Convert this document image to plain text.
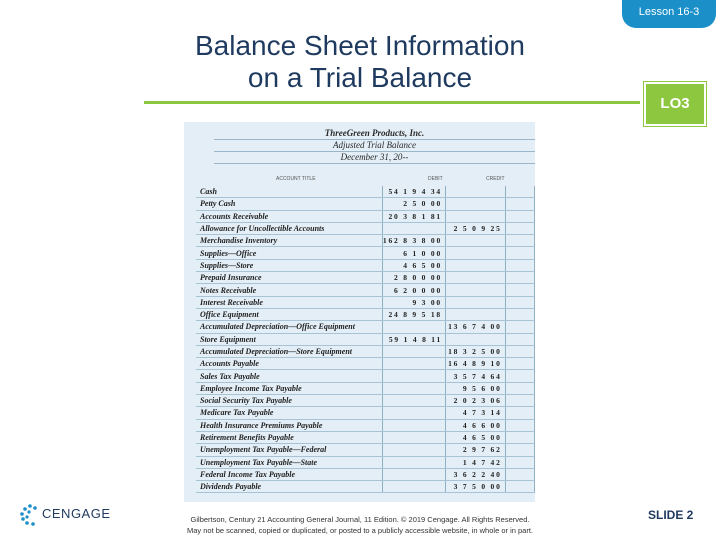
Lesson 16-3
Balance Sheet Information
on a Trial Balance
LO3
ThreeGreen Products, Inc.
Adjusted Trial Balance
December 31, 20--
ACCOUNT TITLE	DEBIT	CREDIT
Cash	54 1 9 4 34		
Petty Cash	2 5 0 00		
Accounts Receivable	20 3 8 1 81		
Allowance for Uncollectible Accounts		2 5 0 9 25	
Merchandise Inventory	162 8 3 8 00		
Supplies—Office	6 1 0 00		
Supplies—Store	4 6 5 00		
Prepaid Insurance	2 8 0 0 00		
Notes Receivable	6 2 0 0 00		
Interest Receivable	9 3 00		
Office Equipment	24 8 9 5 18		
Accumulated Depreciation—Office Equipment		13 6 7 4 00	
Store Equipment	59 1 4 8 11		
Accumulated Depreciation—Store Equipment		18 3 2 5 00	
Accounts Payable		16 4 8 9 10	
Sales Tax Payable		3 5 7 4 64	
Employee Income Tax Payable		9 5 6 00	
Social Security Tax Payable		2 0 2 3 06	
Medicare Tax Payable		4 7 3 14	
Health Insurance Premiums Payable		4 6 6 00	
Retirement Benefits Payable		4 6 5 00	
Unemployment Tax Payable—Federal		2 9 7 62	
Unemployment Tax Payable—State		1 4 7 42	
Federal Income Tax Payable		3 6 2 2 40	
Dividends Payable		3 7 5 0 00	
CENGAGE	Gilbertson, Century 21 Accounting General Journal, 11 Edition. © 2019 Cengage. All Rights Reserved.
May not be scanned, copied or duplicated, or posted to a publicly accessible website, in whole or in part.
SLIDE 2
